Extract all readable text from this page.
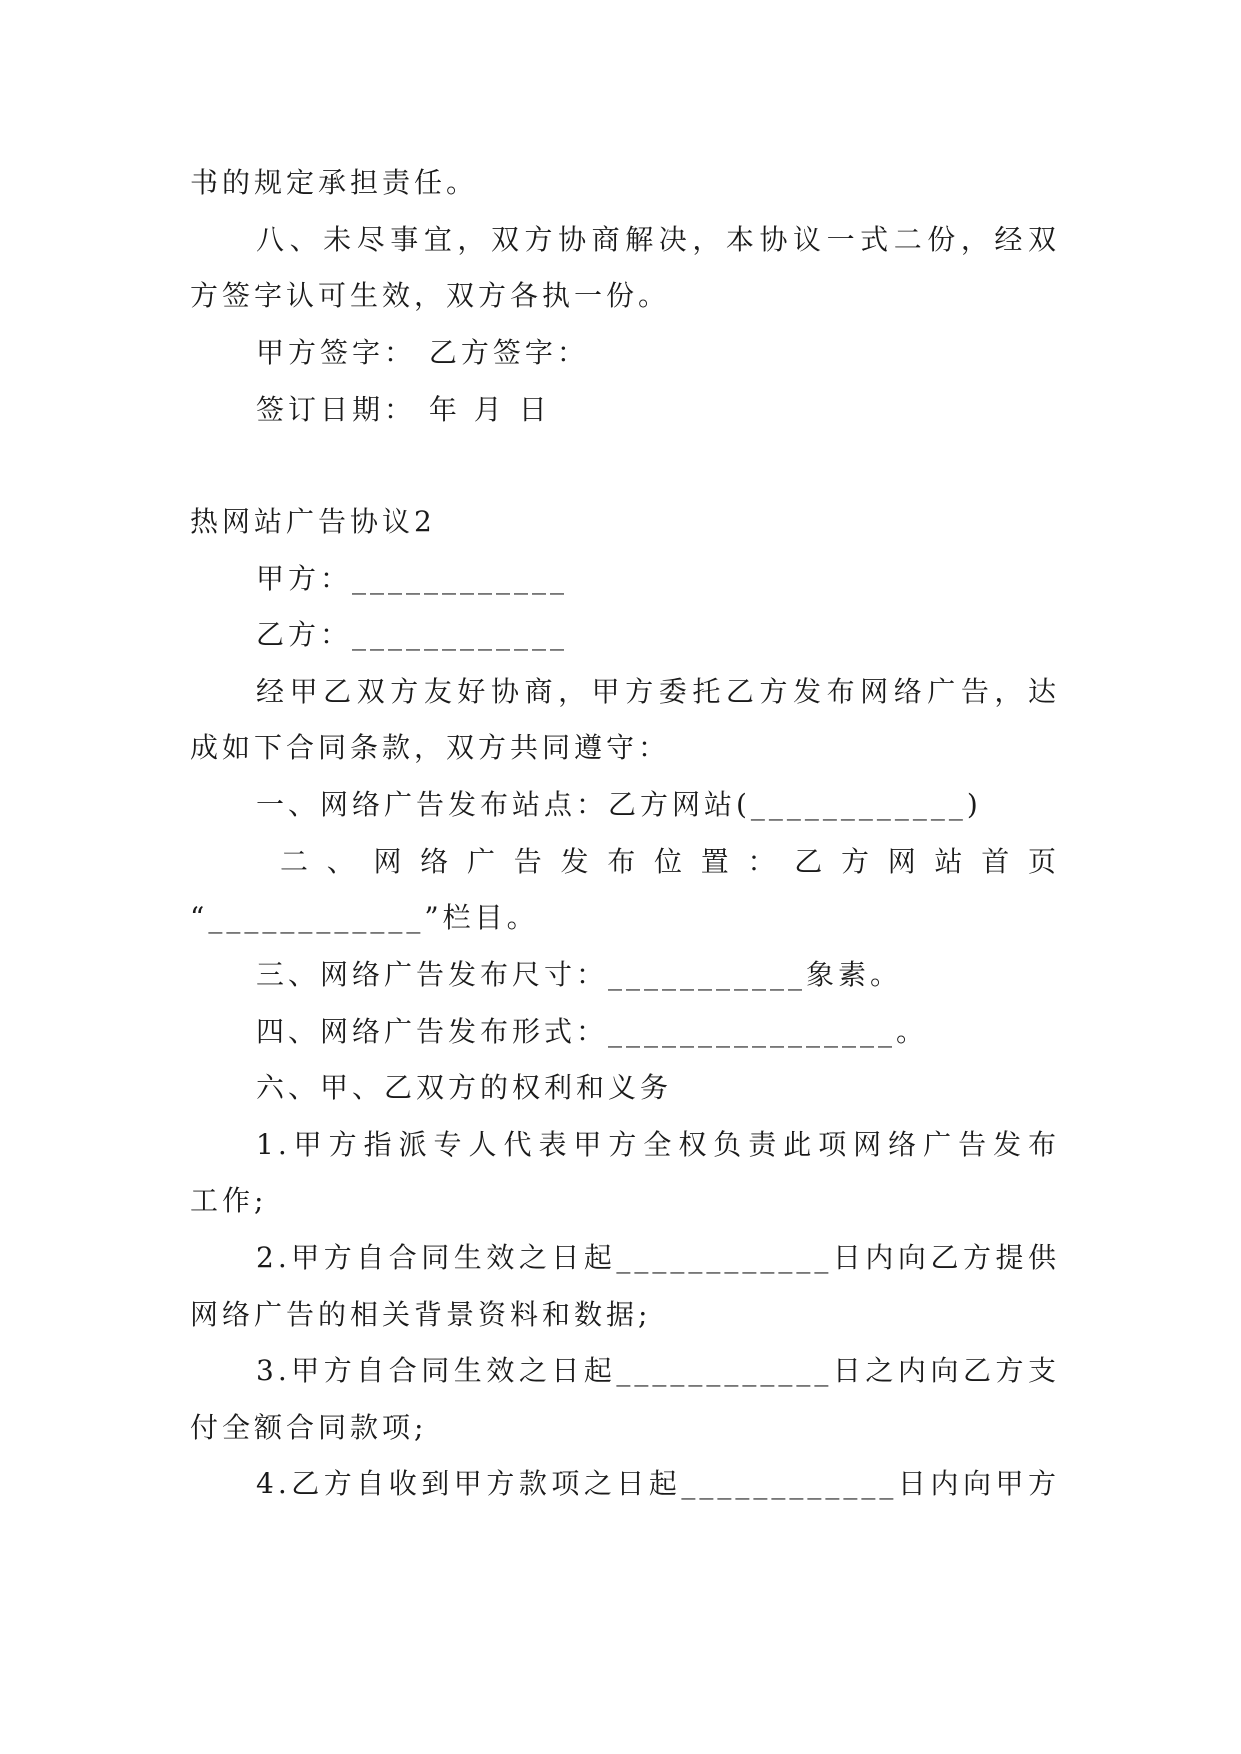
书的规定承担责任。
八、未尽事宜，双方协商解决，本协议一式二份，经双
方签字认可生效，双方各执一份。
甲方签字： 乙方签字：
签订日期： 年 月 日
热网站广告协议2
甲方：____________
乙方：____________
经甲乙双方友好协商，甲方委托乙方发布网络广告，达
成如下合同条款，双方共同遵守：
一、网络广告发布站点：乙方网站(____________)
二、网络广告发布位置：乙方网站首页
“____________”栏目。
三、网络广告发布尺寸：___________象素。
四、网络广告发布形式：________________。
六、甲、乙双方的权利和义务
1.甲方指派专人代表甲方全权负责此项网络广告发布
工作;
2.甲方自合同生效之日起____________日内向乙方提供
网络广告的相关背景资料和数据;
3.甲方自合同生效之日起____________日之内向乙方支
付全额合同款项;
4.乙方自收到甲方款项之日起____________日内向甲方
